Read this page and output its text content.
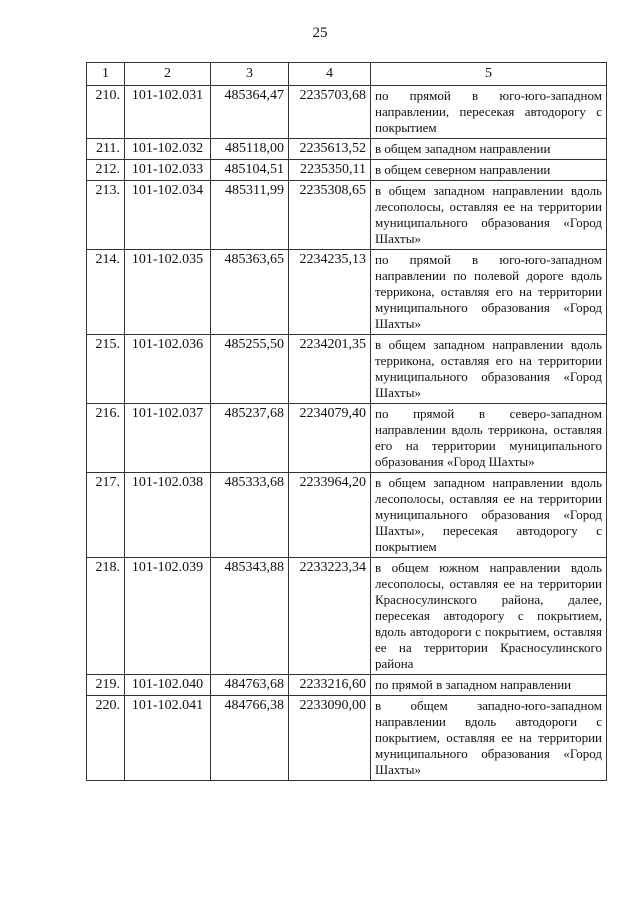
25
1	2	3	4	5
210.	101-102.031	485364,47	2235703,68	по прямой в юго-юго-западном направлении, пересекая автодорогу с покрытием
211.	101-102.032	485118,00	2235613,52	в общем западном направлении
212.	101-102.033	485104,51	2235350,11	в общем северном направлении
213.	101-102.034	485311,99	2235308,65	в общем западном направлении вдоль лесополосы, оставляя ее на территории муниципального образования «Город Шахты»
214.	101-102.035	485363,65	2234235,13	по прямой в юго-юго-западном направлении по полевой дороге вдоль терриконa, оставляя его на территории муниципального образования «Город Шахты»
215.	101-102.036	485255,50	2234201,35	в общем западном направлении вдоль терриконa, оставляя его на территории муниципального образования «Город Шахты»
216.	101-102.037	485237,68	2234079,40	по прямой в северо-западном направлении вдоль терриконa, оставляя его на территории муниципального образования «Город Шахты»
217.	101-102.038	485333,68	2233964,20	в общем западном направлении вдоль лесополосы, оставляя ее на территории муниципального образования «Город Шахты», пересекая автодорогу с покрытием
218.	101-102.039	485343,88	2233223,34	в общем южном направлении вдоль лесополосы, оставляя ее на территории Красносулинского района, далее, пересекая автодорогу с покрытием, вдоль автодороги с покрытием, оставляя ее на территории Красносулинского района
219.	101-102.040	484763,68	2233216,60	по прямой в западном направлении
220.	101-102.041	484766,38	2233090,00	в общем западно-юго-западном направлении вдоль автодороги с покрытием, оставляя ее на территории муниципального образования «Город Шахты»
